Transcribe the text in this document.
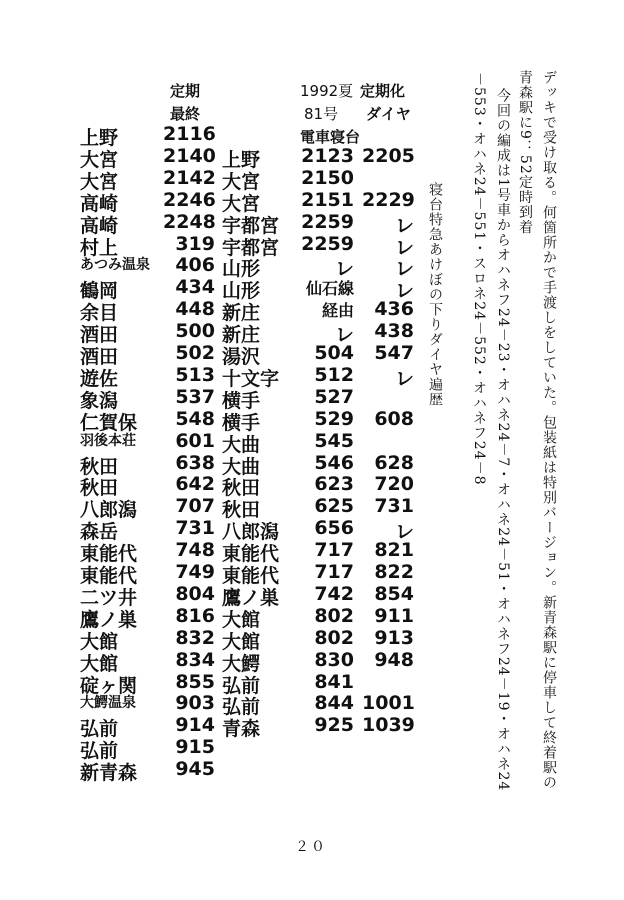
定期
最終
1992夏 定期化
81号 ダイヤ
電車寝台
上野 2116
大宮 2140 上野 2123 2205
大宮 2142 大宮 2150
高崎 2246 大宮 2151 2229
高崎 2248 宇都宮 2259	レ
村上	319 宇都宮 2259	レ
あつみ温泉	406 山形	レ	レ
鶴岡	434 山形	仙石線	レ
余目	448 新庄	経由	436
酒田	500 新庄	レ	438
酒田	502 湯沢	504	547
遊佐	513 十文字	512	レ
象潟	537 横手	527
仁賀保	548 横手	529	608
羽後本荘	601 大曲	545
秋田	638 大曲	546	628
秋田	642 秋田	623	720
八郎潟	707 秋田	625	731
森岳	731 八郎潟	656	レ
東能代	748 東能代	717	821
東能代	749 東能代	717	822
二ツ井	804 鷹ノ巣	742	854
鷹ノ巣	816 大館	802	911
大館	832 大館	802	913
大館	834 大鰐	830	948
碇ヶ関	855 弘前	841
大鰐温泉	903 弘前	844 1001
弘前	914 青森	925 1039
弘前	915
新青森	945
寝台特急あけぼの下りダイヤ遍歴	デッキで受け取る。何箇所かで手渡しをしていた。包装紙は特別バージョン。新青森駅に停車して終着駅の
青森駅に9：52定時到着
今回の編成は1号車からオハネフ24－23・オハネ24－7・オハネ24－51・オハネフ24－19・オハネ24
－553・オハネ24－551・スロネ24－552・オハネフ24－8
２０
